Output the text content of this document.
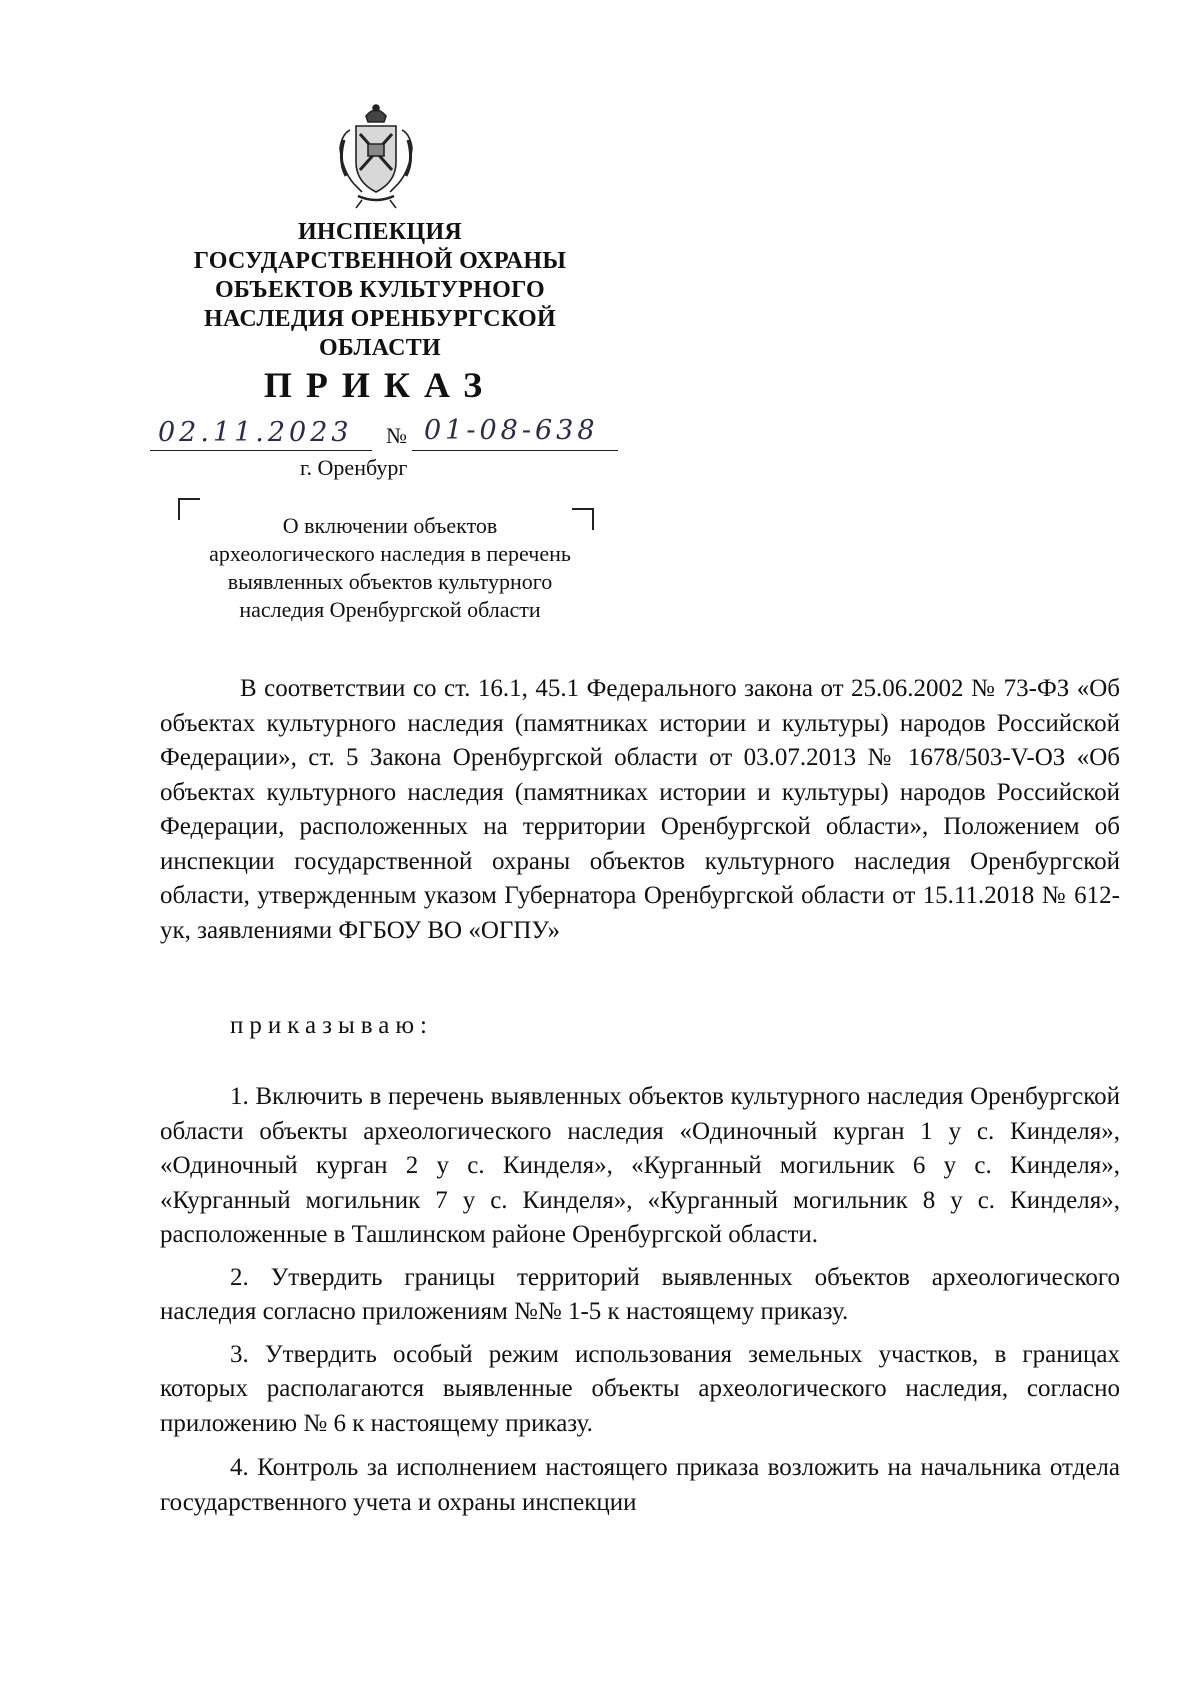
ИНСПЕКЦИЯ
ГОСУДАРСТВЕННОЙ ОХРАНЫ
ОБЪЕКТОВ КУЛЬТУРНОГО
НАСЛЕДИЯ ОРЕНБУРГСКОЙ
ОБЛАСТИ
ПРИКАЗ
02.11.2023 № 01-08-638
г. Оренбург
О включении объектов
археологического наследия в перечень
выявленных объектов культурного
наследия Оренбургской области

В соответствии со ст. 16.1, 45.1 Федерального закона от 25.06.2002 № 73-ФЗ «Об объектах культурного наследия (памятниках истории и культуры) народов Российской Федерации», ст. 5 Закона Оренбургской области от 03.07.2013 № 1678/503-V-ОЗ «Об объектах культурного наследия (памятниках истории и культуры) народов Российской Федерации, расположенных на территории Оренбургской области», Положением об инспекции государственной охраны объектов культурного наследия Оренбургской области, утвержденным указом Губернатора Оренбургской области от 15.11.2018 № 612-ук, заявлениями ФГБОУ ВО «ОГПУ»

приказываю:

1. Включить в перечень выявленных объектов культурного наследия Оренбургской области объекты археологического наследия «Одиночный курган 1 у с. Кинделя», «Одиночный курган 2 у с. Кинделя», «Курганный могильник 6 у с. Кинделя», «Курганный могильник 7 у с. Кинделя», «Курганный могильник 8 у с. Кинделя», расположенные в Ташлинском районе Оренбургской области.

2. Утвердить границы территорий выявленных объектов археологического наследия согласно приложениям №№ 1-5 к настоящему приказу.

3. Утвердить особый режим использования земельных участков, в границах которых располагаются выявленные объекты археологического наследия, согласно приложению № 6 к настоящему приказу.

4. Контроль за исполнением настоящего приказа возложить на начальника отдела государственного учета и охраны инспекции
